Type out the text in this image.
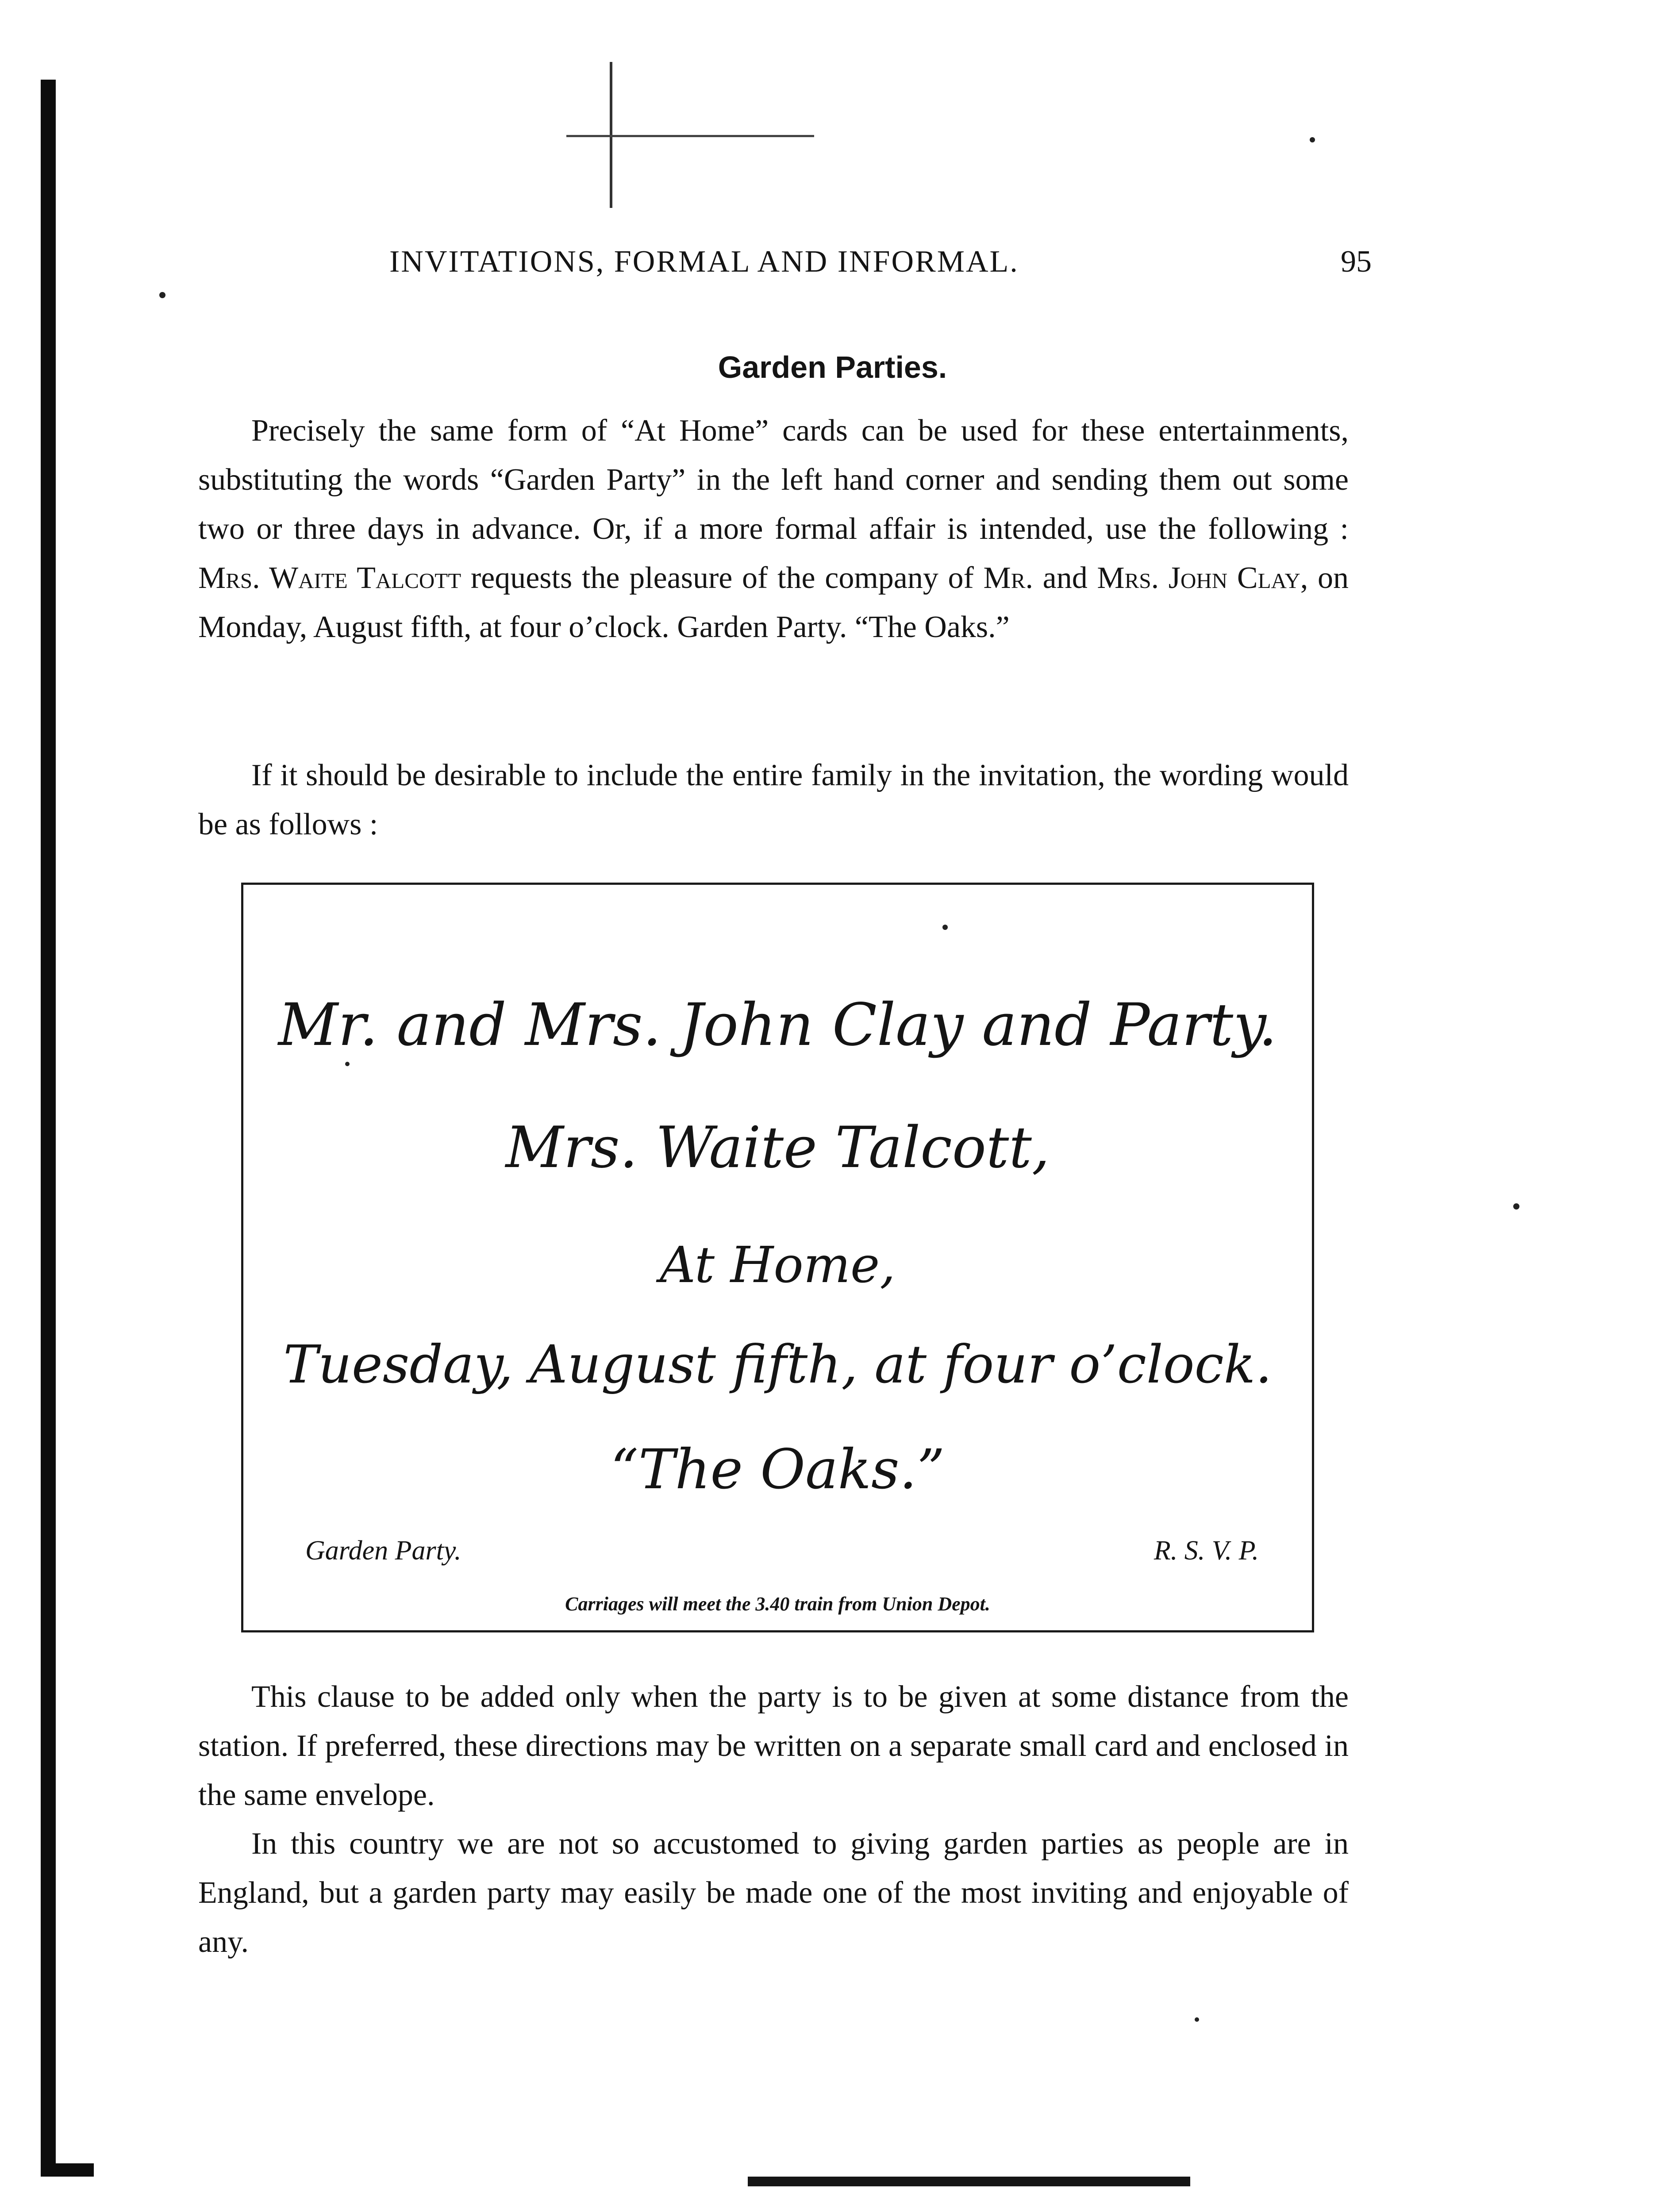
INVITATIONS, FORMAL AND INFORMAL.	95
Garden Parties.
Precisely the same form of “At Home” cards can be used for these entertainments, substituting the words “Garden Party” in the left hand corner and sending them out some two or three days in advance. Or, if a more formal affair is intended, use the following : Mrs. Waite Talcott requests the pleasure of the company of Mr. and Mrs. John Clay, on Monday, August fifth, at four o’clock. Garden Party. “The Oaks.”
If it should be desirable to include the entire family in the invitation, the wording would be as follows :
Mr. and Mrs. John Clay and Party.
Mrs. Waite Talcott,
At Home,
Tuesday, August fifth, at four o’clock.
“The Oaks.”
Garden Party.	R. S. V. P.
Carriages will meet the 3.40 train from Union Depot.
This clause to be added only when the party is to be given at some distance from the station. If preferred, these directions may be written on a separate small card and enclosed in the same envelope.
In this country we are not so accustomed to giving garden parties as people are in England, but a garden party may easily be made one of the most inviting and enjoyable of any.
